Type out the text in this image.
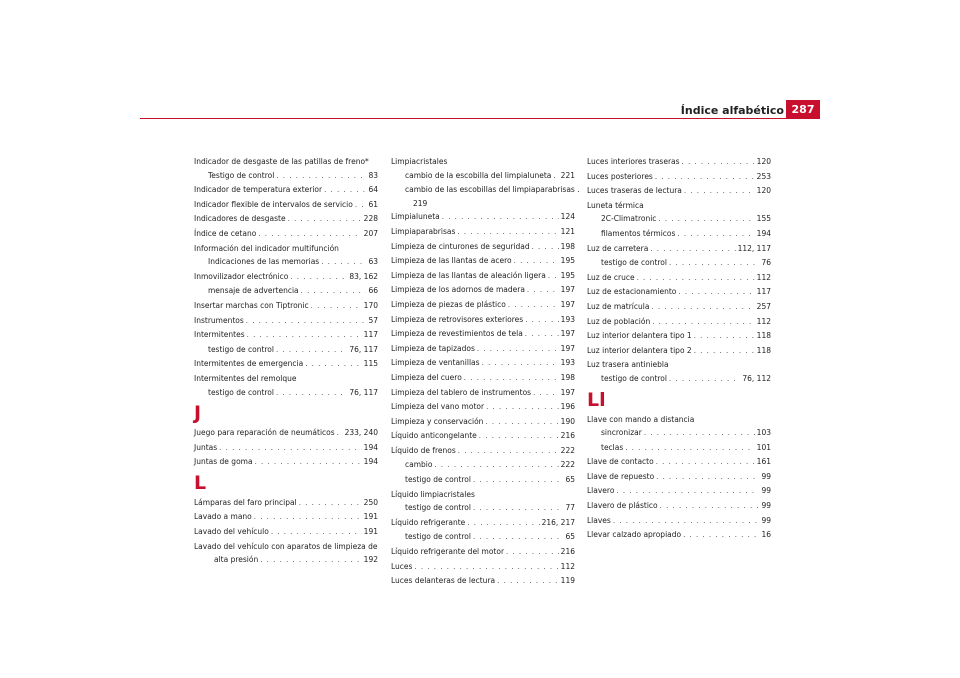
Índice alfabético 287
Indicador de desgaste de las patillas de freno*
Testigo de control . . .	83
Indicador de temperatura exterior . . .	64
Indicador flexible de intervalos de servicio . . . 61
Indicadores de desgaste . . .	228
Índice de cetano . . .	207
Información del indicador multifunción
Indicaciones de las memorias . . .	63
Inmovilizador electrónico . . .	83, 162
mensaje de advertencia . . .	66
Insertar marchas con Tiptronic . . .	170
Instrumentos . . .	57
Intermitentes . . .	117
testigo de control . . .	76, 117
Intermitentes de emergencia . . .	115
Intermitentes del remolque
testigo de control . . .	76, 117
J
Juego para reparación de neumáticos . . . 233, 240
Juntas . . .	194
Juntas de goma . . .	194
L
Lámparas del faro principal . . .	250
Lavado a mano . . .	191
Lavado del vehículo . . .	191
Lavado del vehículo con aparatos de limpieza de
alta presión . . .	192
Limpiacristales
cambio de la escobilla del limpialuneta . . . 221
cambio de las escobillas del limpiaparabrisas .
219
Limpialuneta . . .	124
Limpiaparabrisas . . .	121
Limpieza de cinturones de seguridad . . .	198
Limpieza de las llantas de acero . . .	195
Limpieza de las llantas de aleación ligera . . . 195
Limpieza de los adornos de madera . . .	197
Limpieza de piezas de plástico . . .	197
Limpieza de retrovisores exteriores . . .	193
Limpieza de revestimientos de tela . . .	197
Limpieza de tapizados . . .	197
Limpieza de ventanillas . . .	193
Limpieza del cuero . . .	198
Limpieza del tablero de instrumentos . . .	197
Limpieza del vano motor . . .	196
Limpieza y conservación . . .	190
Líquido anticongelante . . .	216
Líquido de frenos . . .	222
cambio . . .	222
testigo de control . . .	65
Líquido limpiacristales
testigo de control . . .	77
Líquido refrigerante . . .	216, 217
testigo de control . . .	65
Líquido refrigerante del motor . . .	216
Luces . . .	112
Luces delanteras de lectura . . .	119
Luces interiores traseras . . .	120
Luces posteriores . . .	253
Luces traseras de lectura . . .	120
Luneta térmica
2C-Climatronic . . .	155
filamentos térmicos . . .	194
Luz de carretera . . .	112, 117
testigo de control . . .	76
Luz de cruce . . .	112
Luz de estacionamiento . . .	117
Luz de matrícula . . .	257
Luz de población . . .	112
Luz interior delantera tipo 1 . . .	118
Luz interior delantera tipo 2 . . .	118
Luz trasera antiniebla
testigo de control . . .	76, 112
Ll
Llave con mando a distancia
sincronizar . . .	103
teclas . . .	101
Llave de contacto . . .	161
Llave de repuesto . . .	99
Llavero . . .	99
Llavero de plástico . . .	99
Llaves . . .	99
Llevar calzado apropiado . . .	16
